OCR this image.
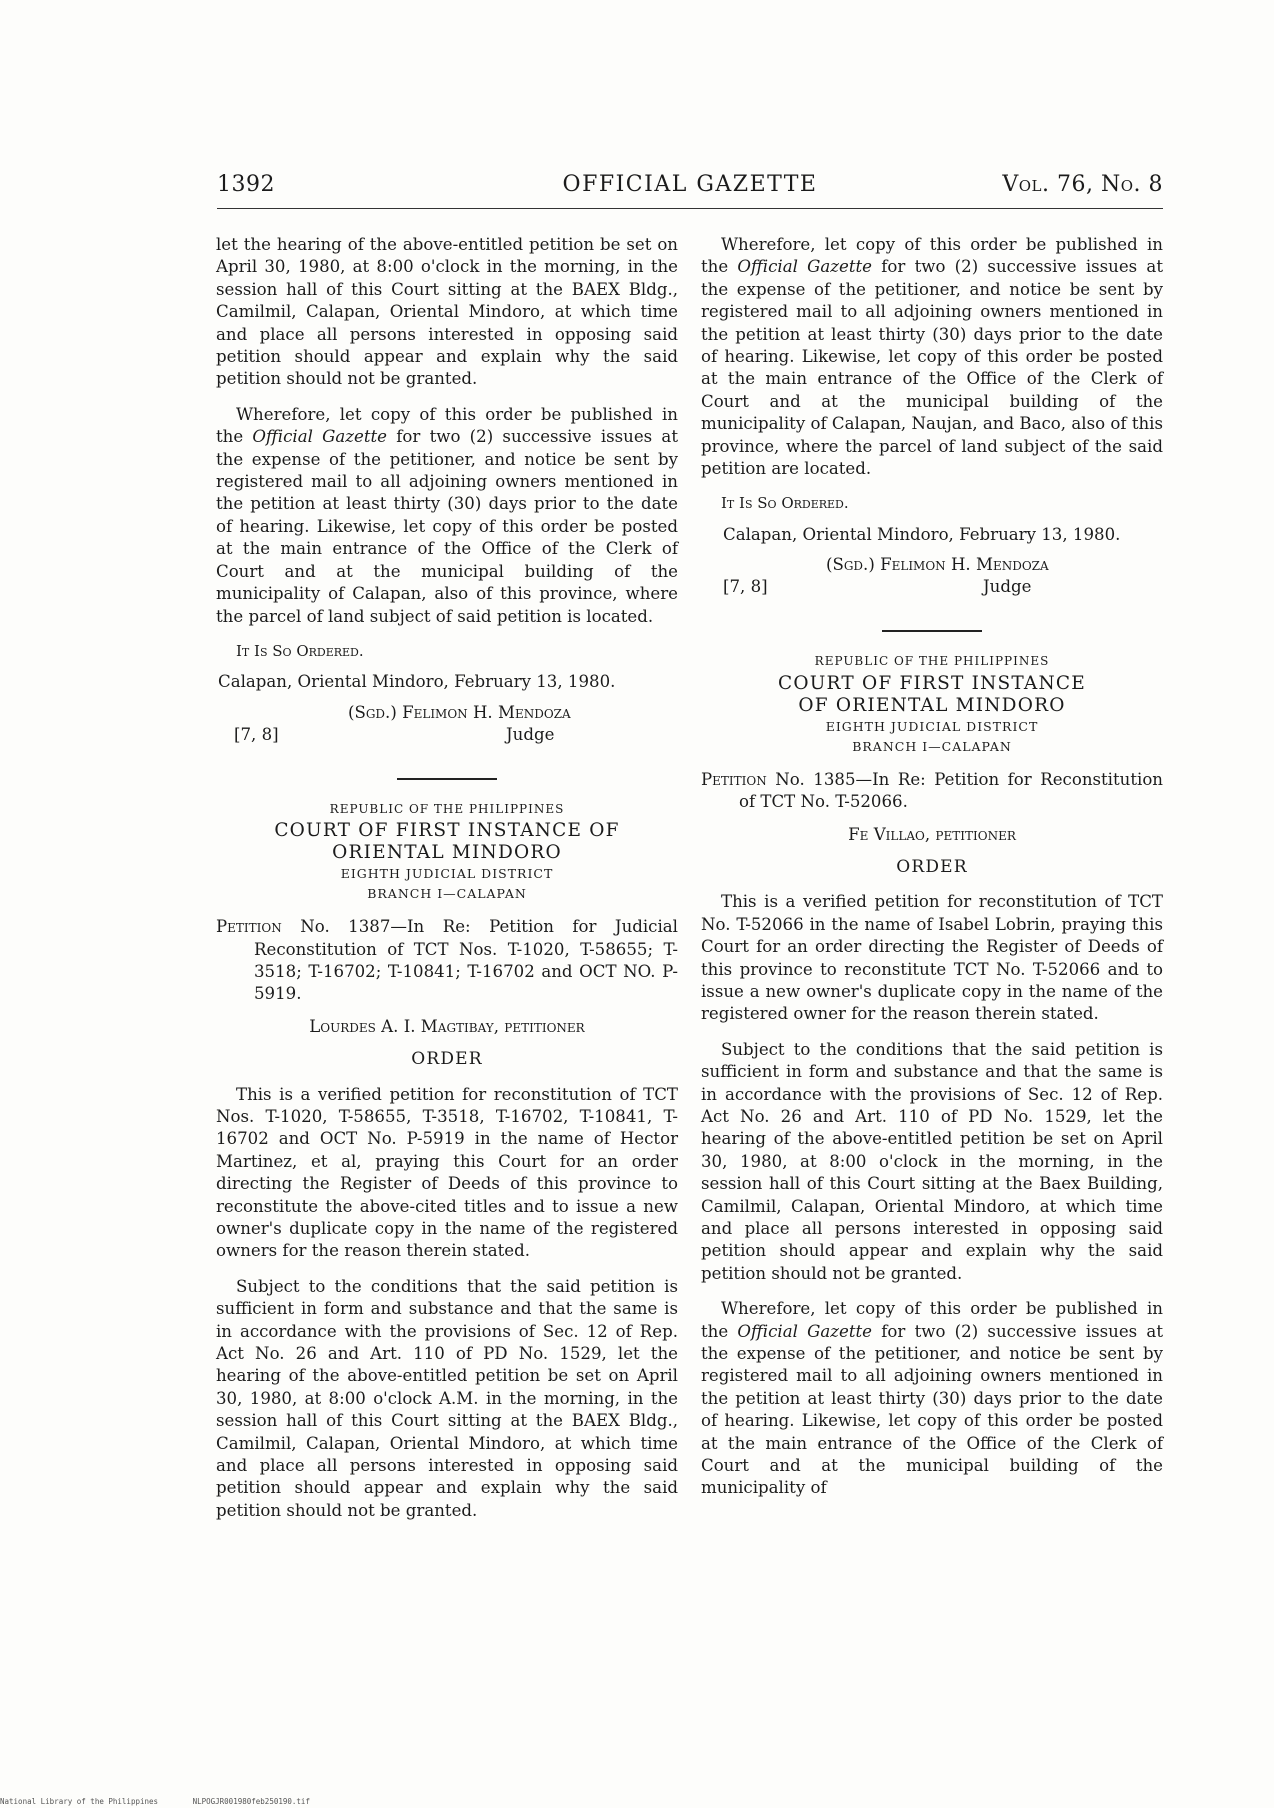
1392	OFFICIAL GAZETTE	Vol. 76, No. 8

let the hearing of the above-entitled petition be set on April 30, 1980, at 8:00 o'clock in the morning, in the session hall of this Court sitting at the BAEX Bldg., Camilmil, Calapan, Oriental Mindoro, at which time and place all persons interested in opposing said petition should appear and explain why the said petition should not be granted.

Wherefore, let copy of this order be published in the Official Gazette for two (2) successive issues at the expense of the petitioner, and notice be sent by registered mail to all adjoining owners mentioned in the petition at least thirty (30) days prior to the date of hearing. Likewise, let copy of this order be posted at the main entrance of the Office of the Clerk of Court and at the municipal building of the municipality of Calapan, also of this province, where the parcel of land subject of said petition is located.

It Is So Ordered.

Calapan, Oriental Mindoro, February 13, 1980.

(Sgd.) Felimon H. Mendoza
[7, 8]	Judge

REPUBLIC OF THE PHILIPPINES

COURT OF FIRST INSTANCE OF ORIENTAL MINDORO

EIGHTH JUDICIAL DISTRICT

BRANCH I—CALAPAN

Petition No. 1387—In Re: Petition for Judicial Reconstitution of TCT Nos. T-1020, T-58655; T-3518; T-16702; T-10841; T-16702 and OCT NO. P-5919.

Lourdes A. I. Magtibay, petitioner

ORDER

This is a verified petition for reconstitution of TCT Nos. T-1020, T-58655, T-3518, T-16702, T-10841, T-16702 and OCT No. P-5919 in the name of Hector Martinez, et al, praying this Court for an order directing the Register of Deeds of this province to reconstitute the above-cited titles and to issue a new owner's duplicate copy in the name of the registered owners for the reason therein stated.

Subject to the conditions that the said petition is sufficient in form and substance and that the same is in accordance with the provisions of Sec. 12 of Rep. Act No. 26 and Art. 110 of PD No. 1529, let the hearing of the above-entitled petition be set on April 30, 1980, at 8:00 o'clock A.M. in the morning, in the session hall of this Court sitting at the BAEX Bldg., Camilmil, Calapan, Oriental Mindoro, at which time and place all persons interested in opposing said petition should appear and explain why the said petition should not be granted.

Wherefore, let copy of this order be published in the Official Gazette for two (2) successive issues at the expense of the petitioner, and notice be sent by registered mail to all adjoining owners mentioned in the petition at least thirty (30) days prior to the date of hearing. Likewise, let copy of this order be posted at the main entrance of the Office of the Clerk of Court and at the municipal building of the municipality of Calapan, Naujan, and Baco, also of this province, where the parcel of land subject of the said petition are located.

It Is So Ordered.

Calapan, Oriental Mindoro, February 13, 1980.

(Sgd.) Felimon H. Mendoza
[7, 8]	Judge

REPUBLIC OF THE PHILIPPINES

COURT OF FIRST INSTANCE

OF ORIENTAL MINDORO

EIGHTH JUDICIAL DISTRICT

BRANCH I—CALAPAN

Petition No. 1385—In Re: Petition for Reconstitution of TCT No. T-52066.

Fe Villao, petitioner

ORDER

This is a verified petition for reconstitution of TCT No. T-52066 in the name of Isabel Lobrin, praying this Court for an order directing the Register of Deeds of this province to reconstitute TCT No. T-52066 and to issue a new owner's duplicate copy in the name of the registered owner for the reason therein stated.

Subject to the conditions that the said petition is sufficient in form and substance and that the same is in accordance with the provisions of Sec. 12 of Rep. Act No. 26 and Art. 110 of PD No. 1529, let the hearing of the above-entitled petition be set on April 30, 1980, at 8:00 o'clock in the morning, in the session hall of this Court sitting at the Baex Building, Camilmil, Calapan, Oriental Mindoro, at which time and place all persons interested in opposing said petition should appear and explain why the said petition should not be granted.

Wherefore, let copy of this order be published in the Official Gazette for two (2) successive issues at the expense of the petitioner, and notice be sent by registered mail to all adjoining owners mentioned in the petition at least thirty (30) days prior to the date of hearing. Likewise, let copy of this order be posted at the main entrance of the Office of the Clerk of Court and at the municipal building of the municipality of

National Library of the Philippines	NLPOGJR001980feb250190.tif
